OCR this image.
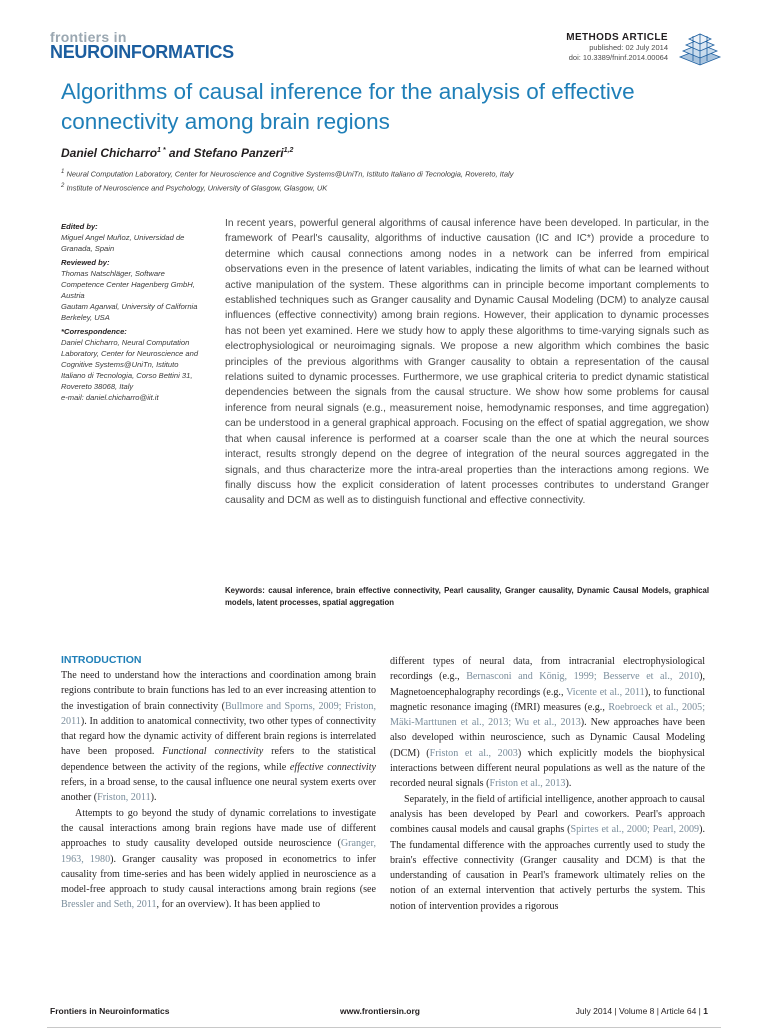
frontiers in
NEUROINFORMATICS
METHODS ARTICLE
published: 02 July 2014
doi: 10.3389/fninf.2014.00064
Algorithms of causal inference for the analysis of effective connectivity among brain regions
Daniel Chicharro$^{1 *}$ and Stefano Panzeri$^{1,2}$
$^1$ Neural Computation Laboratory, Center for Neuroscience and Cognitive Systems@UniTn, Istituto Italiano di Tecnologia, Rovereto, Italy
$^2$ Institute of Neuroscience and Psychology, University of Glasgow, Glasgow, UK
Edited by:
Miguel Angel Muñoz, Universidad de Granada, Spain
Reviewed by:
Thomas Natschläger, Software Competence Center Hagenberg GmbH, Austria
Gautam Agarwal, University of California Berkeley, USA
*Correspondence:
Daniel Chicharro, Neural Computation Laboratory, Center for Neuroscience and Cognitive Systems@UniTn, Istituto Italiano di Tecnologia, Corso Bettini 31, Rovereto 38068, Italy
e-mail: daniel.chicharro@iit.it
In recent years, powerful general algorithms of causal inference have been developed. In particular, in the framework of Pearl's causality, algorithms of inductive causation (IC and IC*) provide a procedure to determine which causal connections among nodes in a network can be inferred from empirical observations even in the presence of latent variables, indicating the limits of what can be learned without active manipulation of the system. These algorithms can in principle become important complements to established techniques such as Granger causality and Dynamic Causal Modeling (DCM) to analyze causal influences (effective connectivity) among brain regions. However, their application to dynamic processes has not been yet examined. Here we study how to apply these algorithms to time-varying signals such as electrophysiological or neuroimaging signals. We propose a new algorithm which combines the basic principles of the previous algorithms with Granger causality to obtain a representation of the causal relations suited to dynamic processes. Furthermore, we use graphical criteria to predict dynamic statistical dependencies between the signals from the causal structure. We show how some problems for causal inference from neural signals (e.g., measurement noise, hemodynamic responses, and time aggregation) can be understood in a general graphical approach. Focusing on the effect of spatial aggregation, we show that when causal inference is performed at a coarser scale than the one at which the neural sources interact, results strongly depend on the degree of integration of the neural sources aggregated in the signals, and thus characterize more the intra-areal properties than the interactions among regions. We finally discuss how the explicit consideration of latent processes contributes to understand Granger causality and DCM as well as to distinguish functional and effective connectivity.
Keywords: causal inference, brain effective connectivity, Pearl causality, Granger causality, Dynamic Causal Models, graphical models, latent processes, spatial aggregation
INTRODUCTION

The need to understand how the interactions and coordination among brain regions contribute to brain functions has led to an ever increasing attention to the investigation of brain connectivity (Bullmore and Sporns, 2009; Friston, 2011). In addition to anatomical connectivity, two other types of connectivity that regard how the dynamic activity of different brain regions is interrelated have been proposed. Functional connectivity refers to the statistical dependence between the activity of the regions, while effective connectivity refers, in a broad sense, to the causal influence one neural system exerts over another (Friston, 2011).

Attempts to go beyond the study of dynamic correlations to investigate the causal interactions among brain regions have made use of different approaches to study causality developed outside neuroscience (Granger, 1963, 1980). Granger causality was proposed in econometrics to infer causality from time-series and has been widely applied in neuroscience as a model-free approach to study causal interactions among brain regions (see Bressler and Seth, 2011, for an overview). It has been applied to

different types of neural data, from intracranial electrophysiological recordings (e.g., Bernasconi and König, 1999; Besserve et al., 2010), Magnetoencephalography recordings (e.g., Vicente et al., 2011), to functional magnetic resonance imaging (fMRI) measures (e.g., Roebroeck et al., 2005; Mäki-Marttunen et al., 2013; Wu et al., 2013). New approaches have been also developed within neuroscience, such as Dynamic Causal Modeling (DCM) (Friston et al., 2003) which explicitly models the biophysical interactions between different neural populations as well as the nature of the recorded neural signals (Friston et al., 2013).

Separately, in the field of artificial intelligence, another approach to causal analysis has been developed by Pearl and coworkers. Pearl's approach combines causal models and causal graphs (Spirtes et al., 2000; Pearl, 2009). The fundamental difference with the approaches currently used to study the brain's effective connectivity (Granger causality and DCM) is that the understanding of causation in Pearl's framework ultimately relies on the notion of an external intervention that actively perturbs the system. This notion of intervention provides a rigorous

Frontiers in Neuroinformatics	www.frontiersin.org	July 2014 | Volume 8 | Article 64 | 1
